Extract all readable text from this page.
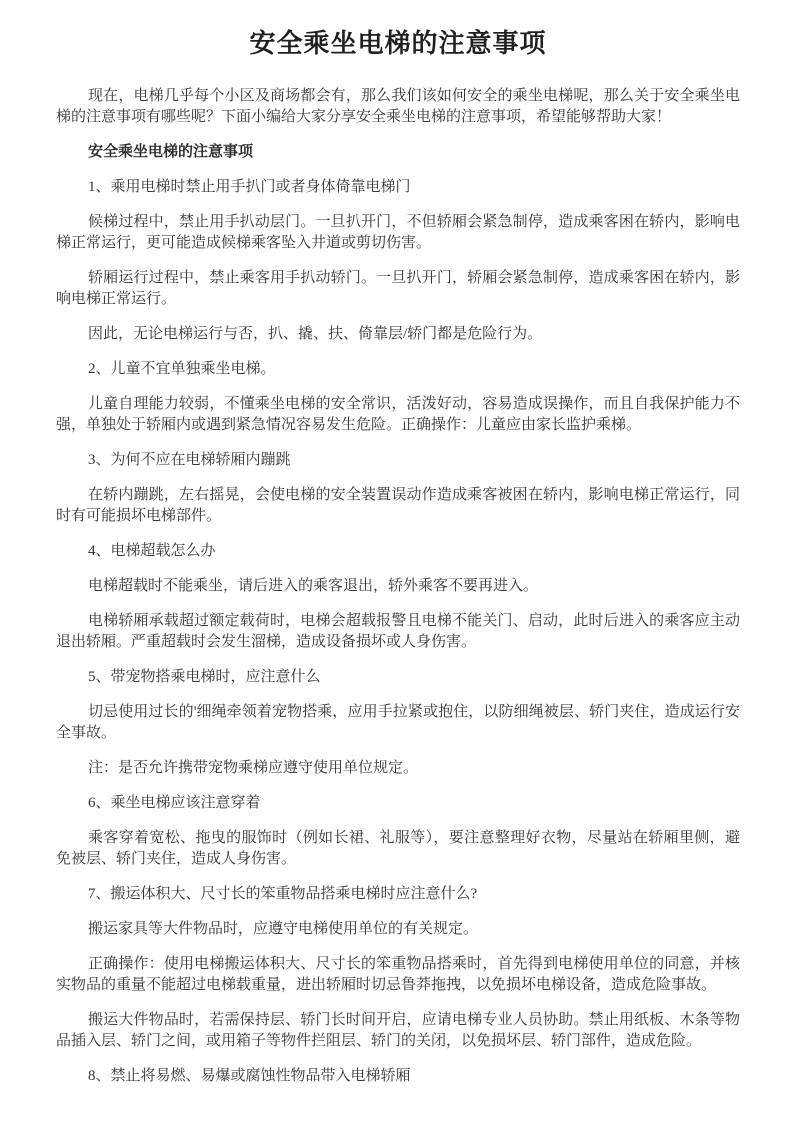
安全乘坐电梯的注意事项

现在，电梯几乎每个小区及商场都会有，那么我们该如何安全的乘坐电梯呢，那么关于安全乘坐电梯的注意事项有哪些呢？下面小编给大家分享安全乘坐电梯的注意事项，希望能够帮助大家！

安全乘坐电梯的注意事项

1、乘用电梯时禁止用手扒门或者身体倚靠电梯门

候梯过程中，禁止用手扒动层门。一旦扒开门，不但轿厢会紧急制停，造成乘客困在轿内，影响电梯正常运行，更可能造成候梯乘客坠入井道或剪切伤害。

轿厢运行过程中，禁止乘客用手扒动轿门。一旦扒开门，轿厢会紧急制停，造成乘客困在轿内，影响电梯正常运行。

因此，无论电梯运行与否，扒、撬、扶、倚靠层/轿门都是危险行为。

2、儿童不宜单独乘坐电梯。

儿童自理能力较弱，不懂乘坐电梯的安全常识，活泼好动，容易造成误操作，而且自我保护能力不强，单独处于轿厢内或遇到紧急情况容易发生危险。正确操作：儿童应由家长监护乘梯。

3、为何不应在电梯轿厢内蹦跳

在轿内蹦跳，左右摇晃，会使电梯的安全装置误动作造成乘客被困在轿内，影响电梯正常运行，同时有可能损坏电梯部件。

4、电梯超载怎么办

电梯超载时不能乘坐，请后进入的乘客退出，轿外乘客不要再进入。

电梯轿厢承载超过额定载荷时，电梯会超载报警且电梯不能关门、启动，此时后进入的乘客应主动退出轿厢。严重超载时会发生溜梯，造成设备损坏或人身伤害。

5、带宠物搭乘电梯时，应注意什么

切忌使用过长的'细绳牵领着宠物搭乘，应用手拉紧或抱住，以防细绳被层、轿门夹住，造成运行安全事故。

注：是否允许携带宠物乘梯应遵守使用单位规定。

6、乘坐电梯应该注意穿着

乘客穿着宽松、拖曳的服饰时（例如长裙、礼服等），要注意整理好衣物，尽量站在轿厢里侧，避免被层、轿门夹住，造成人身伤害。

7、搬运体积大、尺寸长的笨重物品搭乘电梯时应注意什么?

搬运家具等大件物品时，应遵守电梯使用单位的有关规定。

正确操作：使用电梯搬运体积大、尺寸长的笨重物品搭乘时，首先得到电梯使用单位的同意，并核实物品的重量不能超过电梯载重量，进出轿厢时切忌鲁莽拖拽，以免损坏电梯设备，造成危险事故。

搬运大件物品时，若需保持层、轿门长时间开启，应请电梯专业人员协助。禁止用纸板、木条等物品插入层、轿门之间，或用箱子等物件拦阻层、轿门的关闭，以免损坏层、轿门部件，造成危险。

8、禁止将易燃、易爆或腐蚀性物品带入电梯轿厢
